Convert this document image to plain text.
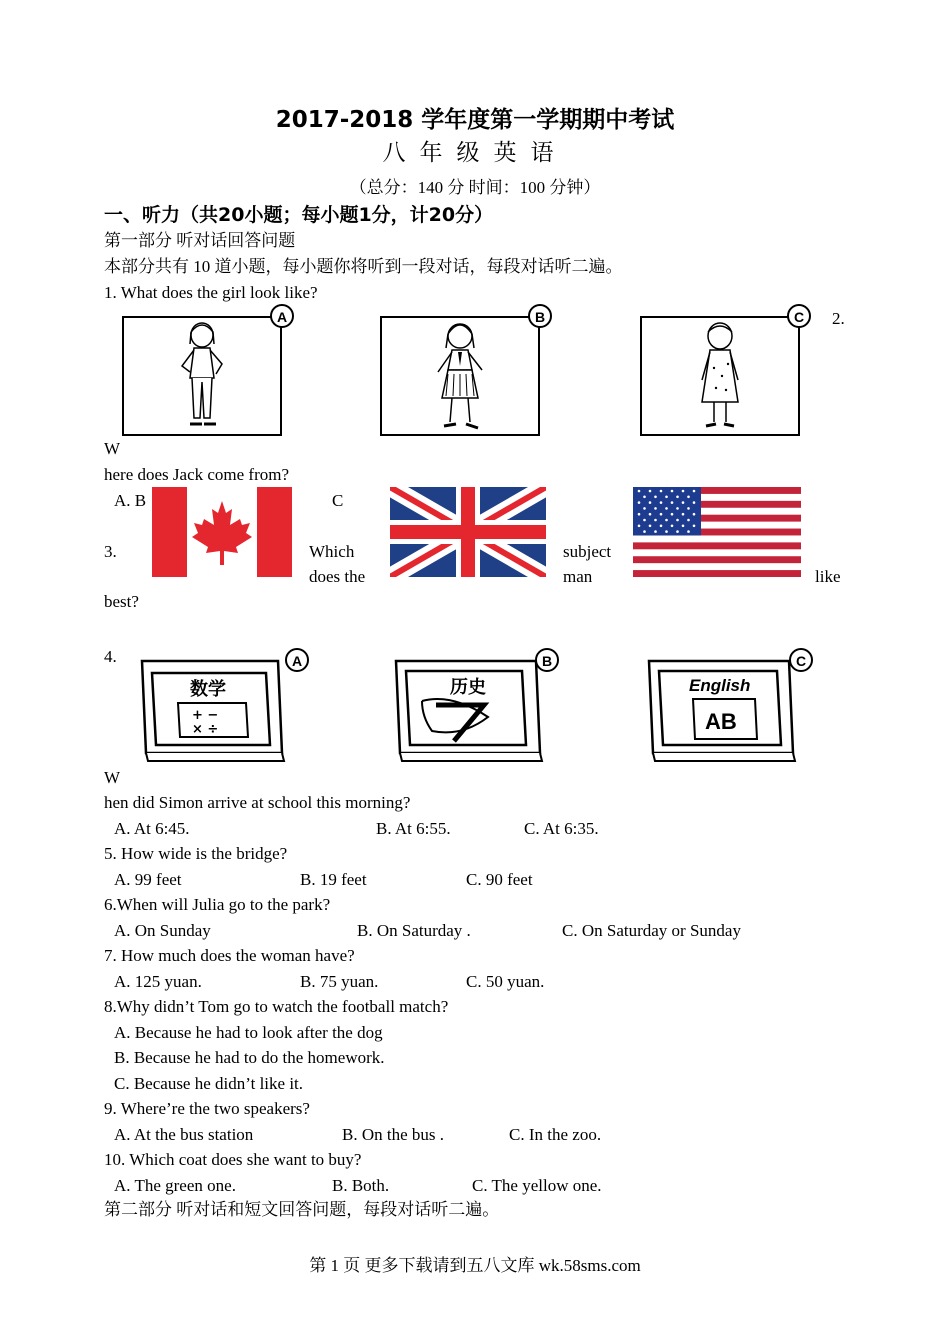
2017-2018 学年度第一学期期中考试
八年级英语
（总分：140 分 时间：100 分钟）
一、听力（共20小题；每小题1分，计20分）
第一部分 听对话回答问题
本部分共有 10 道小题，每小题你将听到一段对话，每段对话听二遍。
1. What does the girl look like?
A	B	C	2.
W
here does Jack come from?
A. B	C
3.	Which	subject
does the	man	like
best?
4.
数学
+ −
× ÷
A
历史
B
English
AB
C
W
hen did Simon arrive at school this morning?
A. At 6:45.	B. At 6:55.	C. At 6:35.
5. How wide is the bridge?
A. 99 feet	B. 19 feet	C. 90 feet
6.When will Julia go to the park?
A. On Sunday	B. On Saturday .	C. On Saturday or Sunday
7. How much does the woman have?
A. 125 yuan.	B. 75 yuan.	C. 50 yuan.
8.Why didn’t Tom go to watch the football match?
A. Because he had to look after the dog
B. Because he had to do the homework.
C. Because he didn’t like it.
9. Where’re the two speakers?
A. At the bus station	B. On the bus .	C. In the zoo.
10. Which coat does she want to buy?
A. The green one.	B. Both.	C. The yellow one.
第二部分 听对话和短文回答问题，每段对话听二遍。
第 1 页 更多下载请到五八文库 wk.58sms.com
